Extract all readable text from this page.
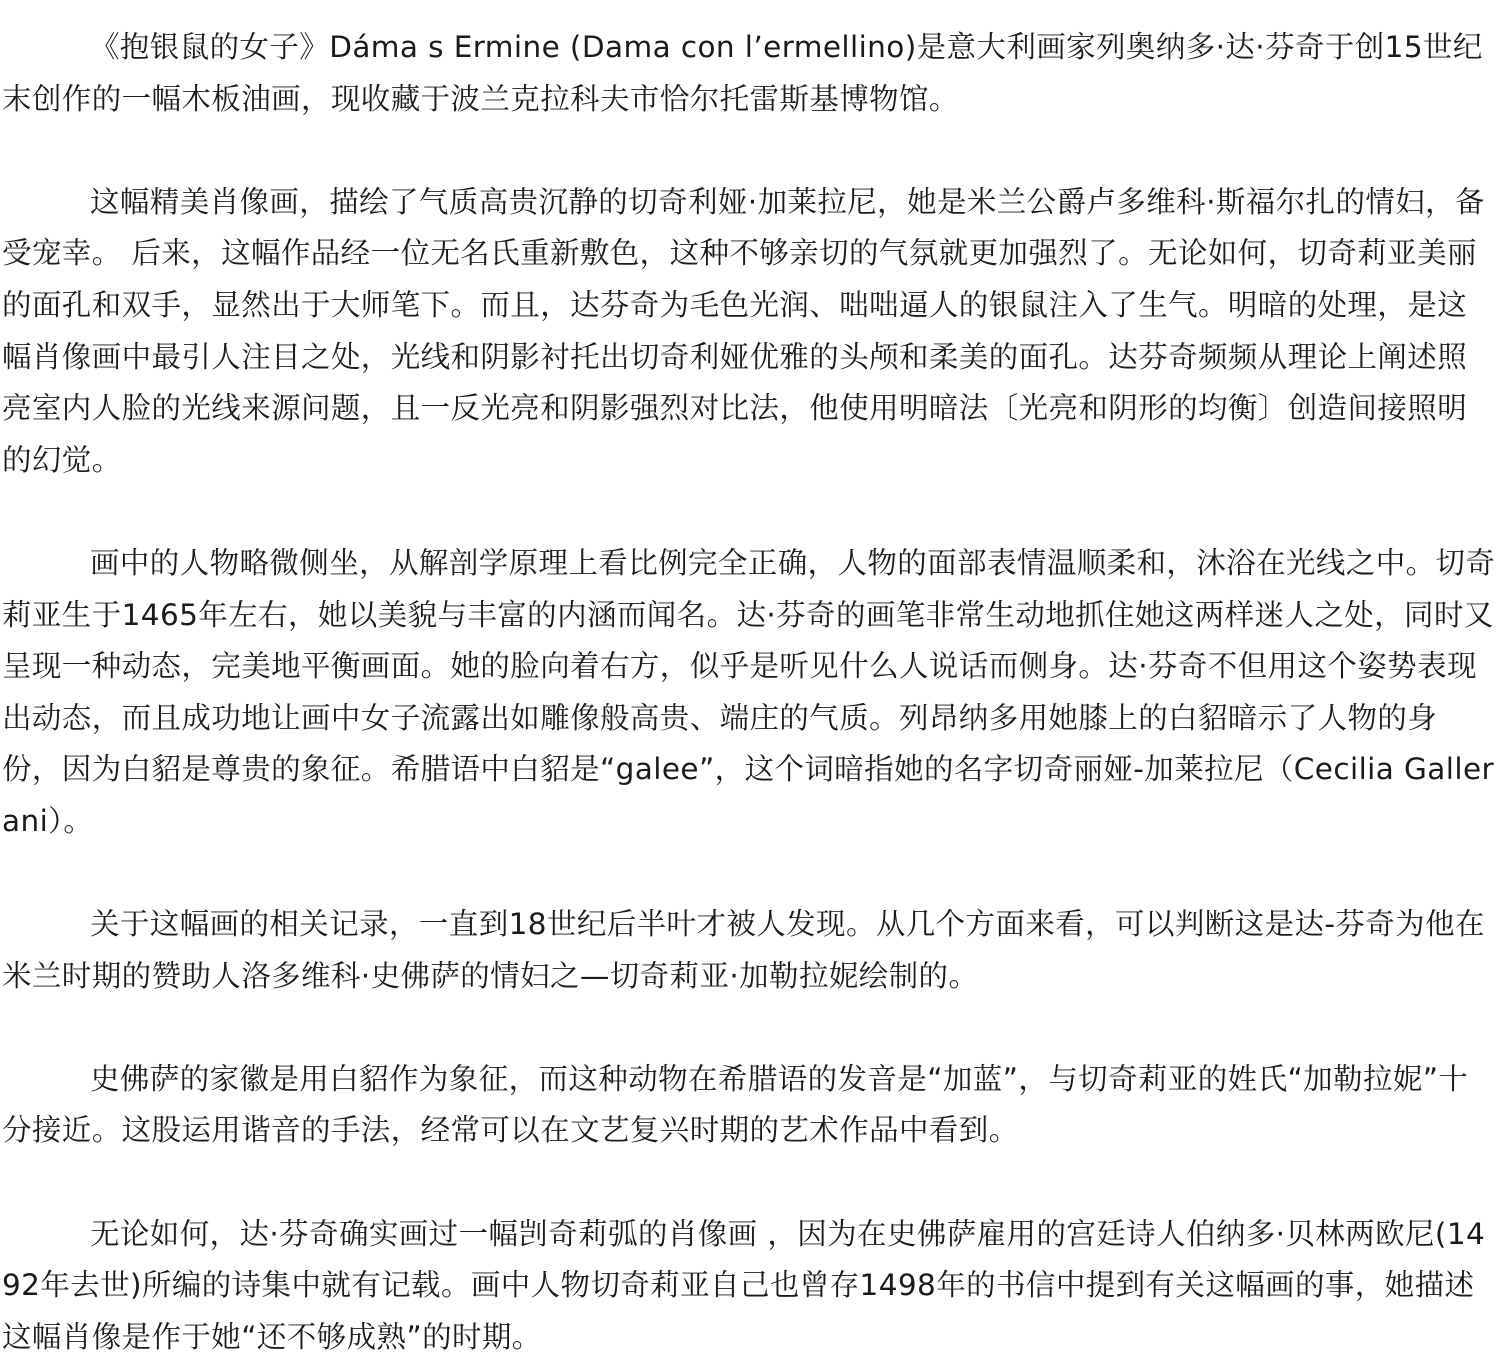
《抱银鼠的女子》Dáma s Ermine (Dama con l’ermellino)是意大利画家列奥纳多·达·芬奇于创15世纪末创作的一幅木板油画，现收藏于波兰克拉科夫市恰尔托雷斯基博物馆。

这幅精美肖像画，描绘了气质高贵沉静的切奇利娅·加莱拉尼，她是米兰公爵卢多维科·斯福尔扎的情妇，备受宠幸。 后来，这幅作品经一位无名氏重新敷色，这种不够亲切的气氛就更加强烈了。无论如何，切奇莉亚美丽的面孔和双手，显然出于大师笔下。而且，达芬奇为毛色光润、咄咄逼人的银鼠注入了生气。明暗的处理，是这幅肖像画中最引人注目之处，光线和阴影衬托出切奇利娅优雅的头颅和柔美的面孔。达芬奇频频从理论上阐述照亮室内人脸的光线来源问题，且一反光亮和阴影强烈对比法，他使用明暗法〔光亮和阴形的均衡〕创造间接照明的幻觉。

画中的人物略微侧坐，从解剖学原理上看比例完全正确，人物的面部表情温顺柔和，沐浴在光线之中。切奇莉亚生于1465年左右，她以美貌与丰富的内涵而闻名。达·芬奇的画笔非常生动地抓住她这两样迷人之处，同时又呈现一种动态，完美地平衡画面。她的脸向着右方，似乎是听见什么人说话而侧身。达·芬奇不但用这个姿势表现出动态，而且成功地让画中女子流露出如雕像般高贵、端庄的气质。列昂纳多用她膝上的白貂暗示了人物的身份，因为白貂是尊贵的象征。希腊语中白貂是“galee”，这个词暗指她的名字切奇丽娅-加莱拉尼（Cecilia Gallerani）。

关于这幅画的相关记录，一直到18世纪后半叶才被人发现。从几个方面来看，可以判断这是达-芬奇为他在米兰时期的赞助人洛多维科·史佛萨的情妇之—切奇莉亚·加勒拉妮绘制的。

史佛萨的家徽是用白貂作为象征，而这种动物在希腊语的发音是“加蓝”，与切奇莉亚的姓氏“加勒拉妮”十分接近。这股运用谐音的手法，经常可以在文艺复兴时期的艺术作品中看到。

无论如何，达·芬奇确实画过一幅剀奇莉弧的肖像画 ，因为在史佛萨雇用的宫廷诗人伯纳多·贝林两欧尼(1492年去世)所编的诗集中就有记载。画中人物切奇莉亚自己也曾存1498年的书信中提到有关这幅画的事，她描述这幅肖像是作于她“还不够成熟”的时期。
